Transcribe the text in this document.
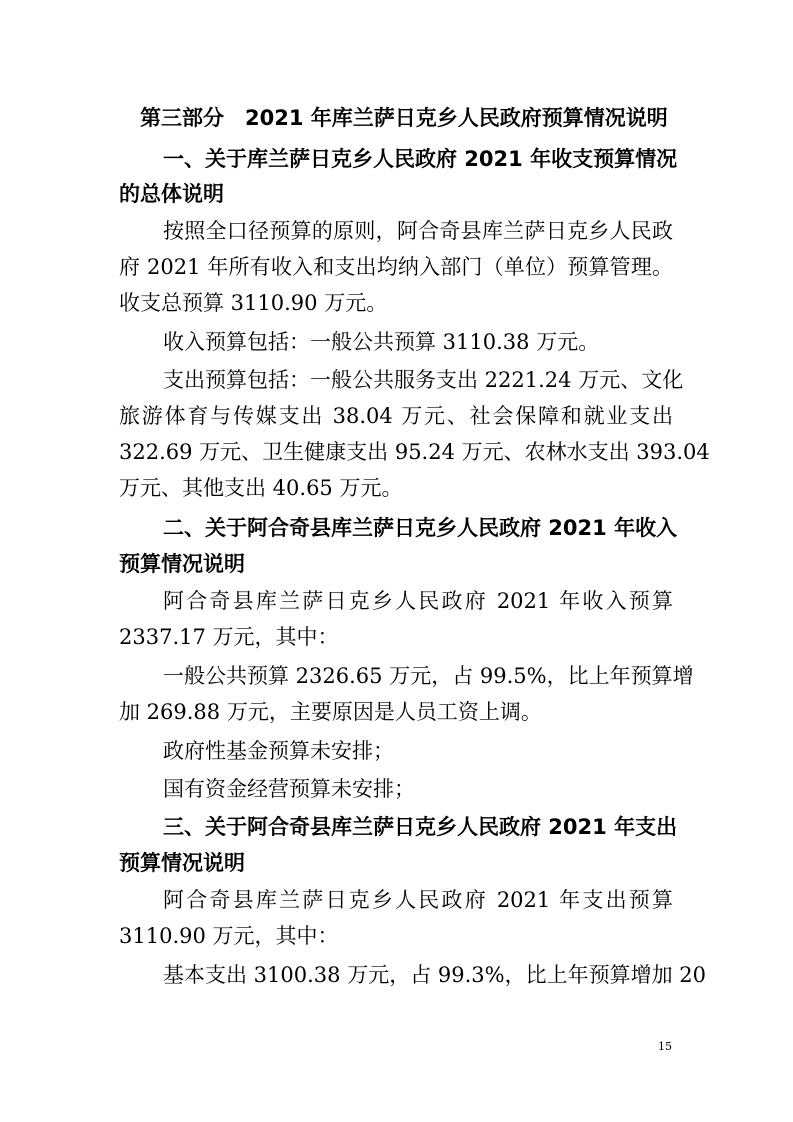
第三部分　2021 年库兰萨日克乡人民政府预算情况说明
一、关于库兰萨日克乡人民政府 2021 年收支预算情况
的总体说明
按照全口径预算的原则，阿合奇县库兰萨日克乡人民政
府 2021 年所有收入和支出均纳入部门（单位）预算管理。
收支总预算 3110.90 万元。
收入预算包括：一般公共预算 3110.38 万元。
支出预算包括：一般公共服务支出 2221.24 万元、文化
旅游体育与传媒支出 38.04 万元、社会保障和就业支出
322.69 万元、卫生健康支出 95.24 万元、农林水支出 393.04
万元、其他支出 40.65 万元。
二、关于阿合奇县库兰萨日克乡人民政府 2021 年收入
预算情况说明
阿合奇县库兰萨日克乡人民政府 2021 年收入预算
2337.17 万元，其中：
一般公共预算 2326.65 万元，占 99.5%，比上年预算增
加 269.88 万元，主要原因是人员工资上调。
政府性基金预算未安排；
国有资金经营预算未安排；
三、关于阿合奇县库兰萨日克乡人民政府 2021 年支出
预算情况说明
阿合奇县库兰萨日克乡人民政府 2021 年支出预算
3110.90 万元，其中：
基本支出 3100.38 万元，占 99.3%，比上年预算增加 20
15
